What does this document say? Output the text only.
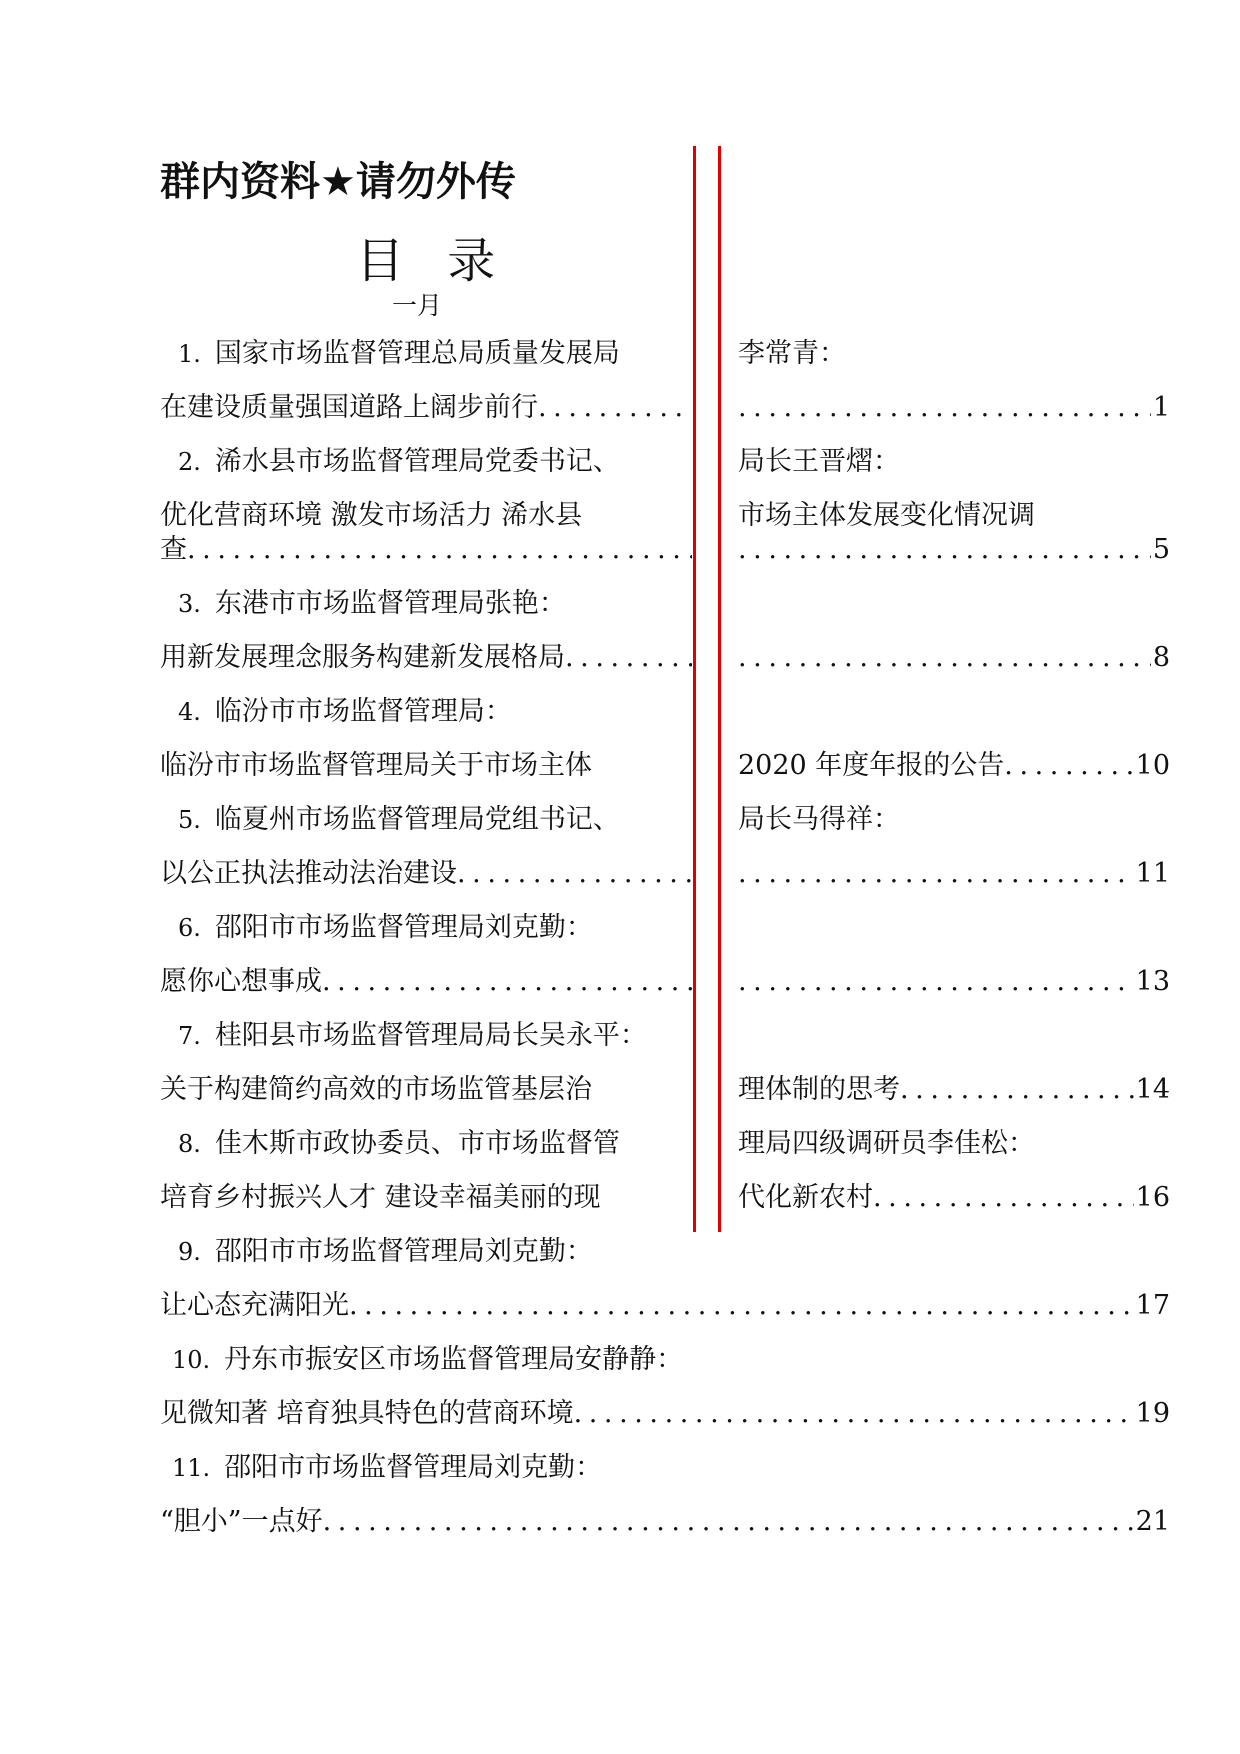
群内资料★请勿外传
目 录
一月
1. 国家市场监督管理总局质量发展局	李常青：
在建设质量强国道路上阔步前行 . . . . . .	1
2. 浠水县市场监督管理局党委书记、	局长王晋熠：
优化营商环境 激发市场活力 浠水县	市场主体发展变化情况调
查 . . . . . .	5
3. 东港市市场监督管理局张艳：
用新发展理念服务构建新发展格局 . . . . . .	8
4. 临汾市市场监督管理局：
临汾市市场监督管理局关于市场主体	2020 年度年报的公告 . . .	10
5. 临夏州市场监督管理局党组书记、	局长马得祥：
以公正执法推动法治建设 . . . . . .	11
6. 邵阳市市场监督管理局刘克勤：
愿你心想事成 . . . . . .	13
7. 桂阳县市场监督管理局局长吴永平：
关于构建简约高效的市场监管基层治	理体制的思考 . . .	14
8. 佳木斯市政协委员、市市场监督管	理局四级调研员李佳松：
培育乡村振兴人才 建设幸福美丽的现	代化新农村 . . .	16
9. 邵阳市市场监督管理局刘克勤：
让心态充满阳光 . . .	17
10. 丹东市振安区市场监督管理局安静静：
见微知著 培育独具特色的营商环境 . . .	19
11. 邵阳市市场监督管理局刘克勤：
“胆小”一点好 . . .	21
